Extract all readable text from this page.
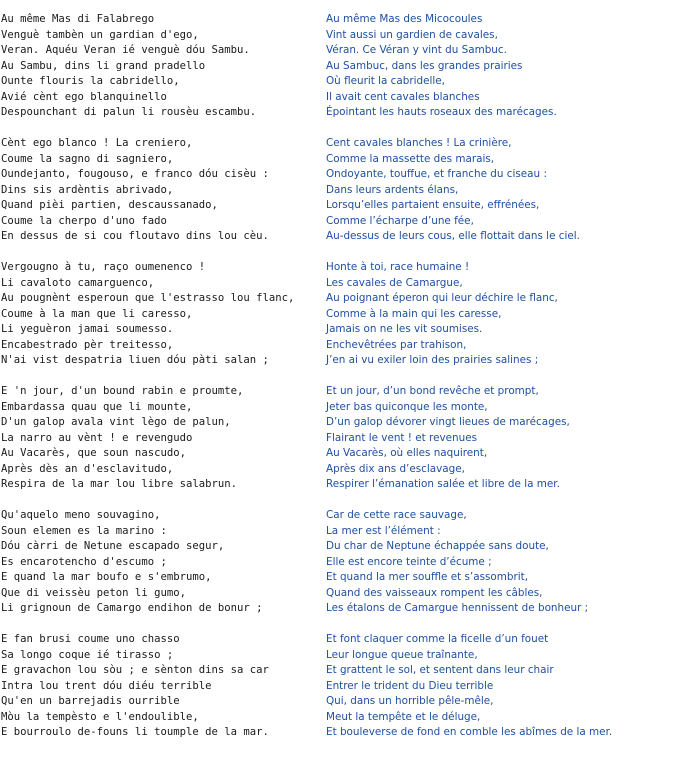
Au même Mas di Falabrego
Venguè tambèn un gardian d'ego,
Veran. Aquéu Veran ié venguè dóu Sambu.
Au Sambu, dins li grand pradello
Ounte flouris la cabridello,
Avié cènt ego blanquinello
Despounchant di palun li rousèu escambu.
Au même Mas des Micocoules
Vint aussi un gardien de cavales,
Véran. Ce Véran y vint du Sambuc.
Au Sambuc, dans les grandes prairies
Où fleurit la cabridelle,
Il avait cent cavales blanches
Épointant les hauts roseaux des marécages.
Cènt ego blanco ! La creniero,
Coume la sagno di sagniero,
Oundejanto, fougouso, e franco dóu cisèu :
Dins sis ardèntis abrivado,
Quand pièi partien, descaussanado,
Coume la cherpo d'uno fado
En dessus de si cou floutavo dins lou cèu.
Cent cavales blanches ! La crinière,
Comme la massette des marais,
Ondoyante, touffue, et franche du ciseau :
Dans leurs ardents élans,
Lorsqu’elles partaient ensuite, effrénées,
Comme l’écharpe d’une fée,
Au-dessus de leurs cous, elle flottait dans le ciel.
Vergougno à tu, raço oumenenco !
Li cavaloto camarguenco,
Au pougnènt esperoun que l'estrasso lou flanc,
Coume à la man que li caresso,
Li yeguèron jamai soumesso.
Encabestrado pèr treitesso,
N'ai vist despatria liuen dóu pàti salan ;
Honte à toi, race humaine !
Les cavales de Camargue,
Au poignant éperon qui leur déchire le flanc,
Comme à la main qui les caresse,
Jamais on ne les vit soumises.
Enchevêtrées par trahison,
J’en ai vu exiler loin des prairies salines ;
E 'n jour, d'un bound rabin e proumte,
Embardassa quau que li mounte,
D'un galop avala vint lègo de palun,
La narro au vènt ! e revengudo
Au Vacarès, que soun nascudo,
Après dès an d'esclavitudo,
Respira de la mar lou libre salabrun.
Et un jour, d’un bond revêche et prompt,
Jeter bas quiconque les monte,
D’un galop dévorer vingt lieues de marécages,
Flairant le vent ! et revenues
Au Vacarès, où elles naquirent,
Après dix ans d’esclavage,
Respirer l’émanation salée et libre de la mer.
Qu'aquelo meno souvagino,
Soun elemen es la marino :
Dóu càrri de Netune escapado segur,
Es encarotencho d'escumo ;
E quand la mar boufo e s'embrumo,
Que di veissèu peton li gumo,
Li grignoun de Camargo endihon de bonur ;
Car de cette race sauvage,
La mer est l’élément :
Du char de Neptune échappée sans doute,
Elle est encore teinte d’écume ;
Et quand la mer souffle et s’assombrit,
Quand des vaisseaux rompent les câbles,
Les étalons de Camargue hennissent de bonheur ;
E fan brusi coume uno chasso
Sa longo coque ié tirasso ;
E gravachon lou sòu ; e sènton dins sa car
Intra lou trent dóu diéu terrible
Qu'en un barrejadis ourrible
Mòu la tempèsto e l'endoulible,
E bourroulo de-founs li toumple de la mar.
Et font claquer comme la ficelle d’un fouet
Leur longue queue traînante,
Et grattent le sol, et sentent dans leur chair
Entrer le trident du Dieu terrible
Qui, dans un horrible pêle-mêle,
Meut la tempête et le déluge,
Et bouleverse de fond en comble les abîmes de la mer.
